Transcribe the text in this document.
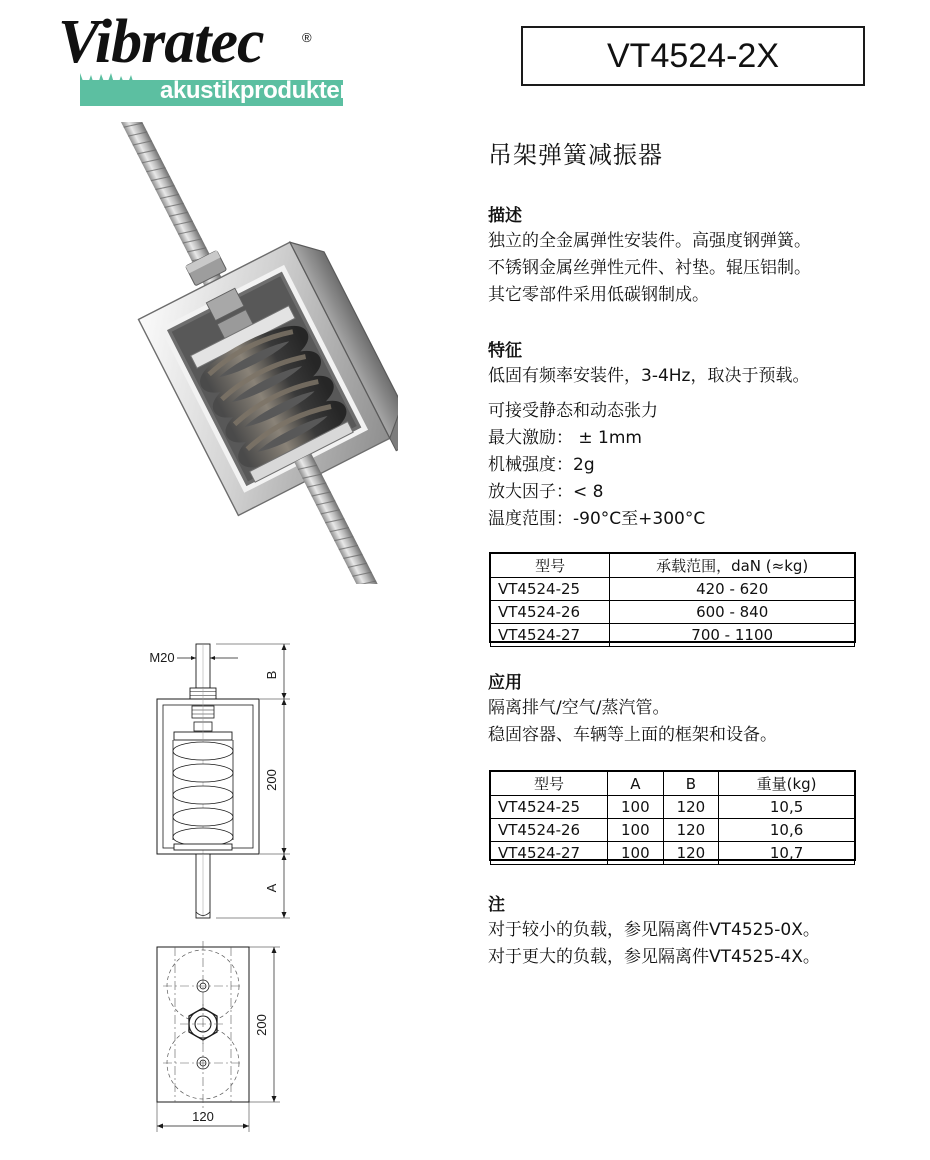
Vibratec	®
akustikprodukter
VT4524-2X
吊架弹簧减振器
描述
独立的全金属弹性安装件。高强度钢弹簧。
不锈钢金属丝弹性元件、衬垫。辊压铝制。
其它零部件采用低碳钢制成。
特征
低固有频率安装件，3-4Hz，取决于预载。
可接受静态和动态张力
最大激励： ± 1mm
机械强度：2g
放大因子：< 8
温度范围：-90°C至+300°C
型号	承载范围，daN (≈kg)
VT4524-25	420 - 620
VT4524-26	600 - 840
VT4524-27	700 - 1100
应用
隔离排气/空气/蒸汽管。
稳固容器、车辆等上面的框架和设备。
型号	A	B	重量(kg)
VT4524-25	100	120	10,5
VT4524-26	100	120	10,6
VT4524-27	100	120	10,7
注
对于较小的负载，参见隔离件VT4525-0X。
对于更大的负载，参见隔离件VT4525-4X。
M20
B
200
A
200
120
